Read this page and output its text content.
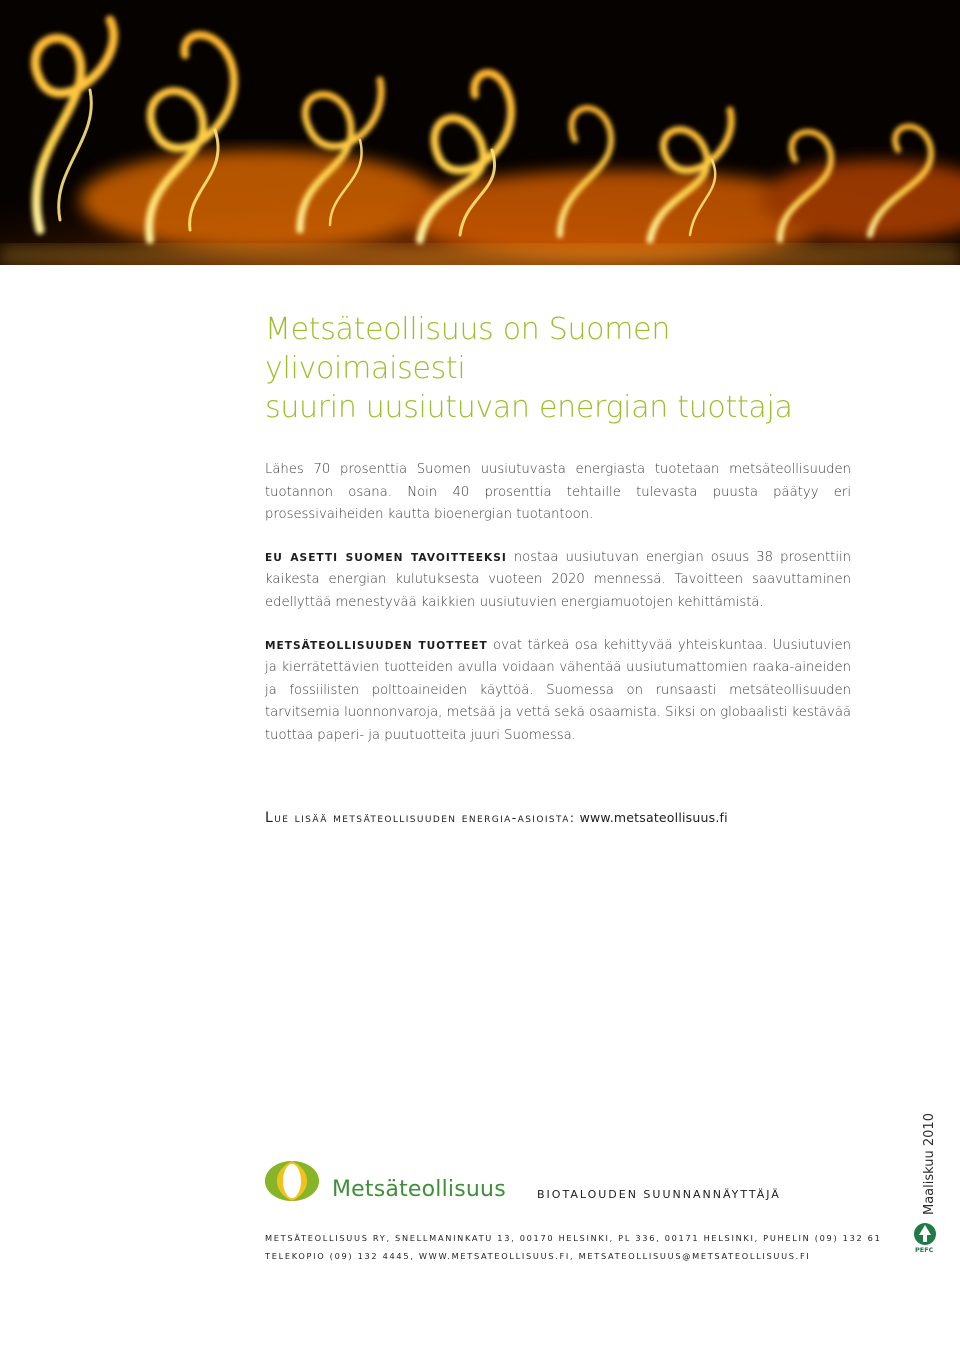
Metsäteollisuus on Suomen ylivoimaisesti
suurin uusiutuvan energian tuottaja

Lähes 70 prosenttia Suomen uusiutuvasta energiasta tuotetaan metsäteollisuuden tuotannon osana. Noin 40 prosenttia tehtaille tulevasta puusta päätyy eri prosessivaiheiden kautta bioenergian tuotantoon.

EU ASETTI SUOMEN TAVOITTEEKSI nostaa uusiutuvan energian osuus 38 prosenttiin kaikesta energian kulutuksesta vuoteen 2020 mennessä. Tavoitteen saavuttaminen edellyttää menestyvää kaikkien uusiutuvien energiamuotojen kehittämistä.

METSÄTEOLLISUUDEN TUOTTEET ovat tärkeä osa kehittyvää yhteiskuntaa. Uusiutuvien ja kierrätettävien tuotteiden avulla voidaan vähentää uusiutumattomien raaka-aineiden ja fossiilisten polttoaineiden käyttöä. Suomessa on runsaasti metsäteollisuuden tarvitsemia luonnonvaroja, metsää ja vettä sekä osaamista. Siksi on globaalisti kestävää tuottaa paperi- ja puutuotteita juuri Suomessa.

Lue lisää metsäteollisuuden energia-asioista: www.metsateollisuus.fi
Metsäteollisuus	BIOTALOUDEN SUUNNANNÄYTTÄJÄ	Maaliskuu 2010
METSÄTEOLLISUUS RY, SNELLMANINKATU 13, 00170 HELSINKI, PL 336, 00171 HELSINKI, PUHELIN (09) 132 61
TELEKOPIO (09) 132 4445, WWW.METSATEOLLISUUS.FI, METSATEOLLISUUS@METSATEOLLISUUS.FI
PEFC
